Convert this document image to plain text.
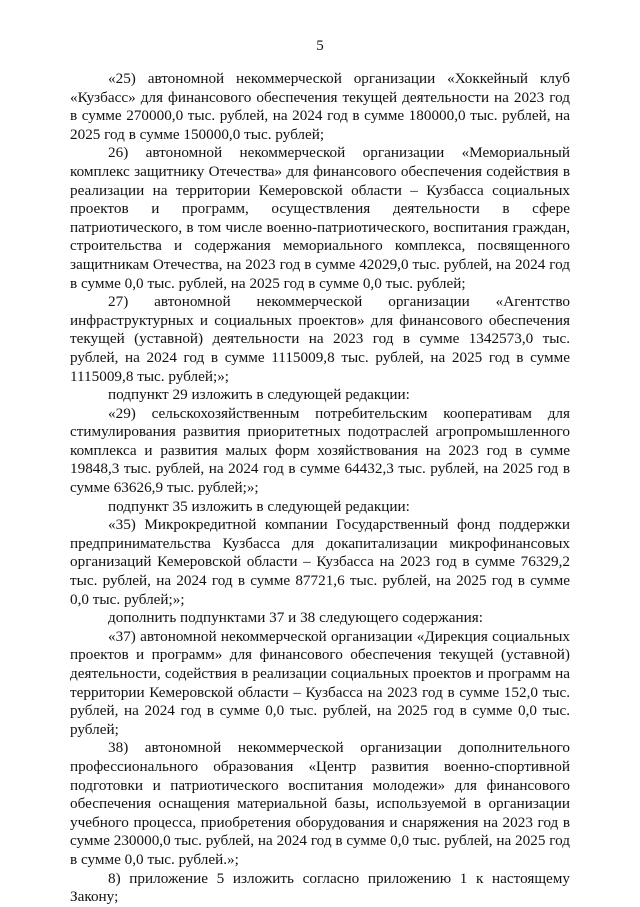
5

«25) автономной некоммерческой организации «Хоккейный клуб «Кузбасс» для финансового обеспечения текущей деятельности на 2023 год в сумме 270000,0 тыс. рублей, на 2024 год в сумме 180000,0 тыс. рублей, на 2025 год в сумме 150000,0 тыс. рублей;

26) автономной некоммерческой организации «Мемориальный комплекс защитнику Отечества» для финансового обеспечения содействия в реализации на территории Кемеровской области – Кузбасса социальных проектов и программ, осуществления деятельности в сфере патриотического, в том числе военно-патриотического, воспитания граждан, строительства и содержания мемориального комплекса, посвященного защитникам Отечества, на 2023 год в сумме 42029,0 тыс. рублей, на 2024 год в сумме 0,0 тыс. рублей, на 2025 год в сумме 0,0 тыс. рублей;

27) автономной некоммерческой организации «Агентство инфраструктурных и социальных проектов» для финансового обеспечения текущей (уставной) деятельности на 2023 год в сумме 1342573,0 тыс. рублей, на 2024 год в сумме 1115009,8 тыс. рублей, на 2025 год в сумме 1115009,8 тыс. рублей;»;

подпункт 29 изложить в следующей редакции:

«29) сельскохозяйственным потребительским кооперативам для стимулирования развития приоритетных подотраслей агропромышленного комплекса и развития малых форм хозяйствования на 2023 год в сумме 19848,3 тыс. рублей, на 2024 год в сумме 64432,3 тыс. рублей, на 2025 год в сумме 63626,9 тыс. рублей;»;

подпункт 35 изложить в следующей редакции:

«35) Микрокредитной компании Государственный фонд поддержки предпринимательства Кузбасса для докапитализации микрофинансовых организаций Кемеровской области – Кузбасса на 2023 год в сумме 76329,2 тыс. рублей, на 2024 год в сумме 87721,6 тыс. рублей, на 2025 год в сумме 0,0 тыс. рублей;»;

дополнить подпунктами 37 и 38 следующего содержания:

«37) автономной некоммерческой организации «Дирекция социальных проектов и программ» для финансового обеспечения текущей (уставной) деятельности, содействия в реализации социальных проектов и программ на территории Кемеровской области – Кузбасса на 2023 год в сумме 152,0 тыс. рублей, на 2024 год в сумме 0,0 тыс. рублей, на 2025 год в сумме 0,0 тыс. рублей;

38) автономной некоммерческой организации дополнительного профессионального образования «Центр развития военно-спортивной подготовки и патриотического воспитания молодежи» для финансового обеспечения оснащения материальной базы, используемой в организации учебного процесса, приобретения оборудования и снаряжения на 2023 год в сумме 230000,0 тыс. рублей, на 2024 год в сумме 0,0 тыс. рублей, на 2025 год в сумме 0,0 тыс. рублей.»;

8) приложение 5 изложить согласно приложению 1 к настоящему Закону;
